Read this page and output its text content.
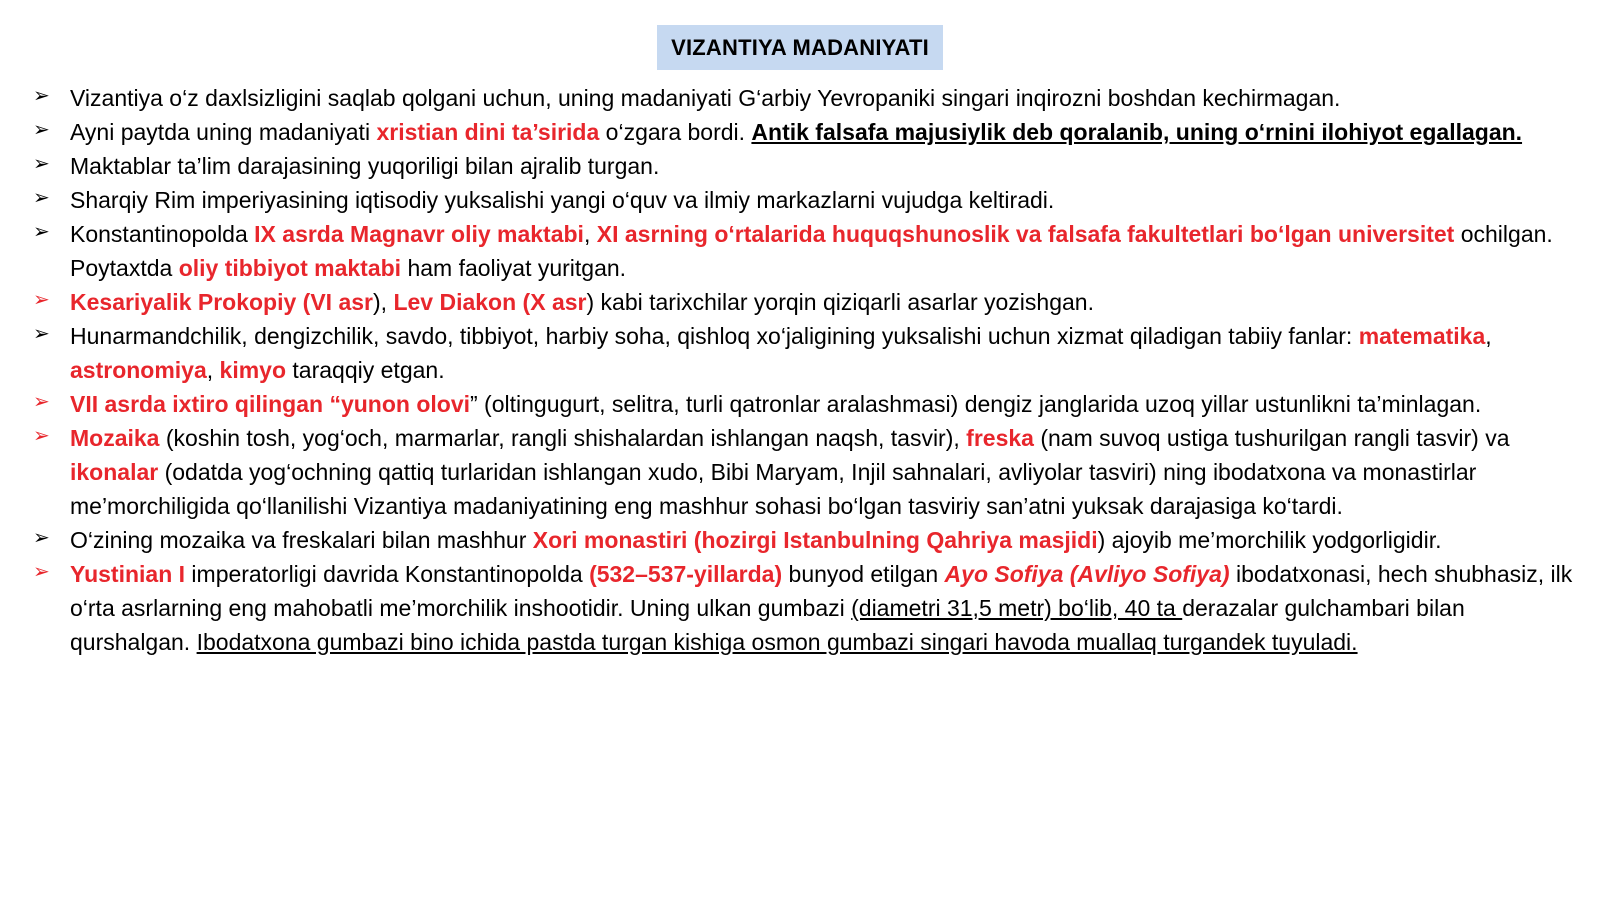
VIZANTIYA MADANIYATI
➢ Vizantiya o‘z daxlsizligini saqlab qolgani uchun, uning madaniyati G‘arbiy Yevropaniki singari inqirozni boshdan kechirmagan.
➢ Ayni paytda uning madaniyati xristian dini ta’sirida o‘zgara bordi. Antik falsafa majusiylik deb qoralanib, uning o‘rnini ilohiyot egallagan.
➢ Maktablar ta’lim darajasining yuqoriligi bilan ajralib turgan.
➢ Sharqiy Rim imperiyasining iqtisodiy yuksalishi yangi o‘quv va ilmiy markazlarni vujudga keltiradi.
➢ Konstantinopolda IX asrda Magnavr oliy maktabi, XI asrning o‘rtalarida huquqshunoslik va falsafa fakultetlari bo‘lgan universitet ochilgan. Poytaxtda oliy tibbiyot maktabi ham faoliyat yuritgan.
➢ Kesariyalik Prokopiy (VI asr), Lev Diakon (X asr) kabi tarixchilar yorqin qiziqarli asarlar yozishgan.
➢ Hunarmandchilik, dengizchilik, savdo, tibbiyot, harbiy soha, qishloq xo‘jaligining yuksalishi uchun xizmat qiladigan tabiiy fanlar: matematika, astronomiya, kimyo taraqqiy etgan.
➢ VII asrda ixtiro qilingan “yunon olovi” (oltingugurt, selitra, turli qatronlar aralashmasi) dengiz janglarida uzoq yillar ustunlikni ta’minlagan.
➢ Mozaika (koshin tosh, yog‘och, marmarlar, rangli shishalardan ishlangan naqsh, tasvir), freska (nam suvoq ustiga tushurilgan rangli tasvir) va ikonalar (odatda yog‘ochning qattiq turlaridan ishlangan xudo, Bibi Maryam, Injil sahnalari, avliyolar tasviri) ning ibodatxona va monastirlar me’morchiligida qo‘llanilishi Vizantiya madaniyatining eng mashhur sohasi bo‘lgan tasviriy san’atni yuksak darajasiga ko‘tardi.
➢ O‘zining mozaika va freskalari bilan mashhur Xori monastiri (hozirgi Istanbulning Qahriya masjidi) ajoyib me’morchilik yodgorligidir.
➢ Yustinian I imperatorligi davrida Konstantinopolda (532–537-yillarda) bunyod etilgan Ayo Sofiya (Avliyo Sofiya) ibodatxonasi, hech shubhasiz, ilk o‘rta asrlarning eng mahobatli me’morchilik inshootidir. Uning ulkan gumbazi (diametri 31,5 metr) bo‘lib, 40 ta derazalar gulchambari bilan qurshalgan. Ibodatxona gumbazi bino ichida pastda turgan kishiga osmon gumbazi singari havoda muallaq turgandek tuyuladi.
